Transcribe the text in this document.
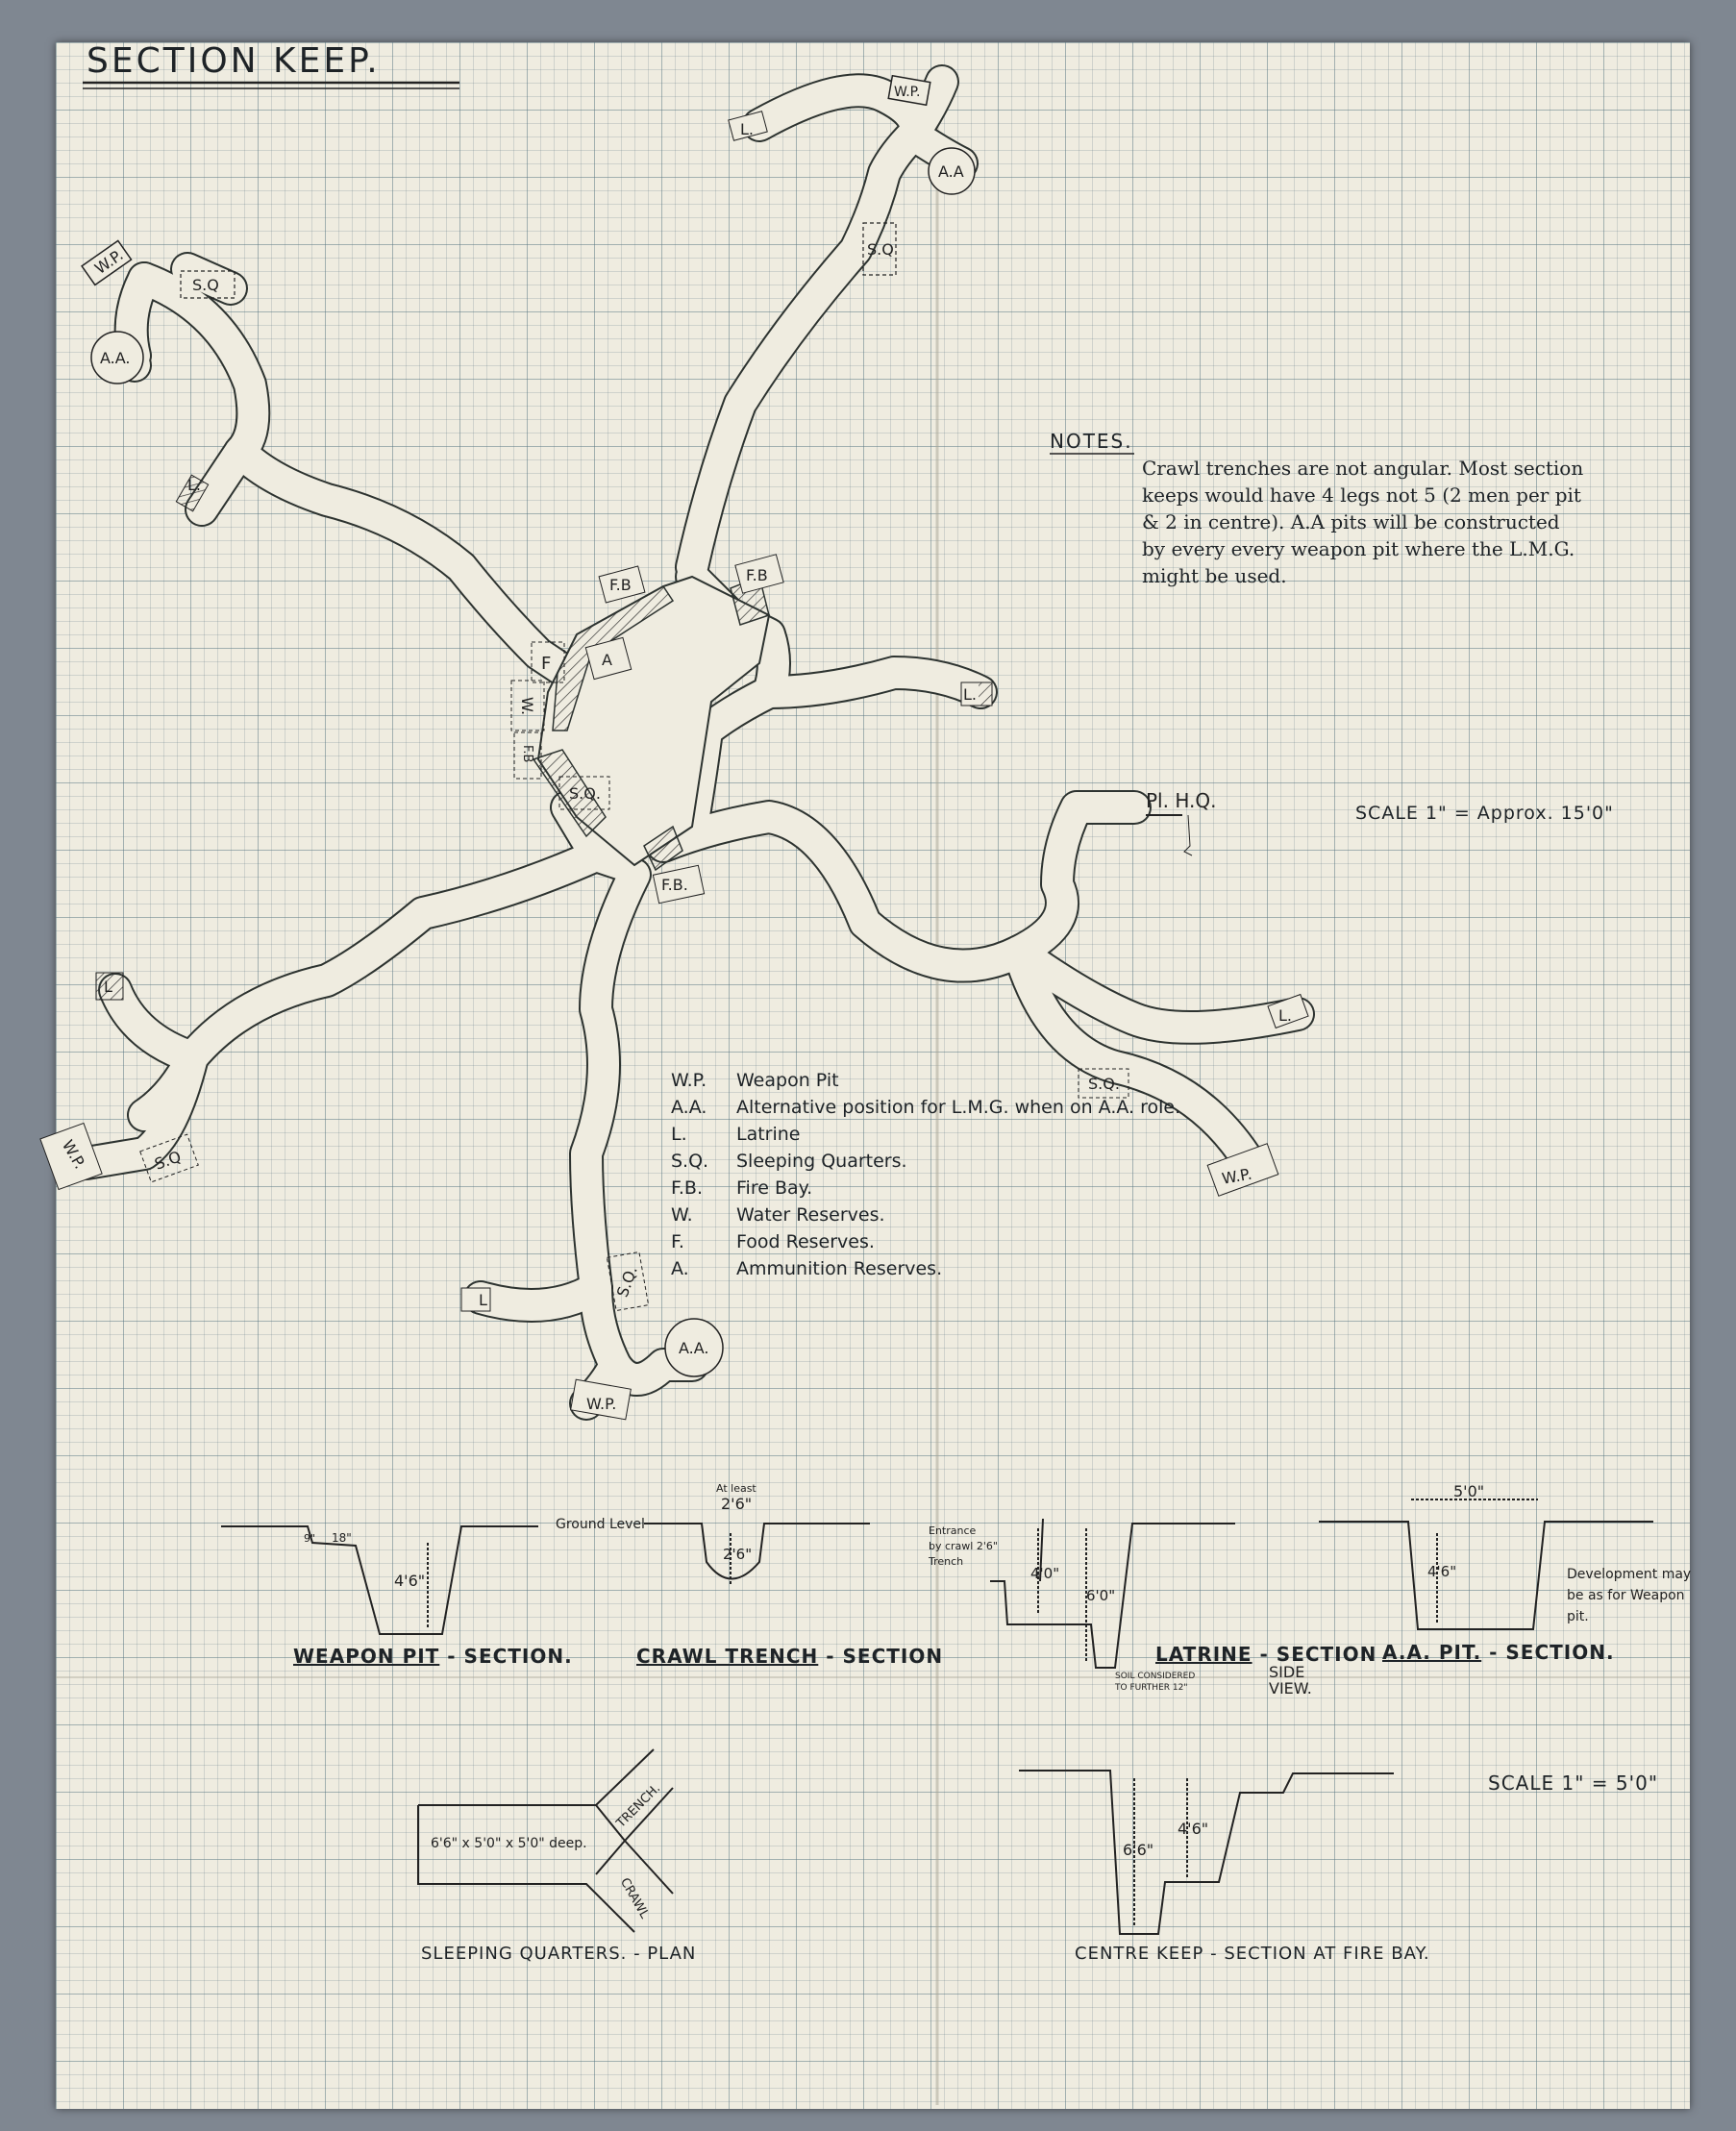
SECTION KEEP.
W.P.
S.Q
A.A.
L.
W.P.
A.A
L.
S.Q
F.B
F.B
A
F
W.
F.B
S.Q.
F.B.
L.
Pl. H.Q.
L
W.P.	S.Q
L.
S.Q.
W.P.
L
S.Q.
A.A.
W.P.
NOTES.
Crawl trenches are not angular. Most section
keeps would have 4 legs not 5 (2 men per pit
& 2 in centre). A.A pits will be constructed
by every every weapon pit where the L.M.G.
might be used.
SCALE 1" = Approx. 15'0"
W.P. Weapon Pit
A.A. Alternative position for L.M.G. when on A.A. role.
L.	Latrine
S.Q. Sleeping Quarters.
F.B. Fire Bay.
W. Water Reserves.
F.	Food Reserves.
A.	Ammunition Reserves.
4'6"
18"
9"
Ground Level
WEAPON PIT - SECTION.
At least
2'6"
2'6"
CRAWL TRENCH - SECTION
Entrance
by crawl 2'6"
Trench
4'0"
6'0"
SOIL CONSIDERED
TO FURTHER 12"
LATRINE - SECTION
SIDE
VIEW.
5'0"
4'6"	Development may
be as for Weapon
pit.
A.A. PIT. - SECTION.
SCALE 1" = 5'0"
6'6" x 5'0" x 5'0" deep.
TRENCH.
CRAWL
SLEEPING QUARTERS. - PLAN
6'6"
4'6"
CENTRE KEEP - SECTION AT FIRE BAY.
